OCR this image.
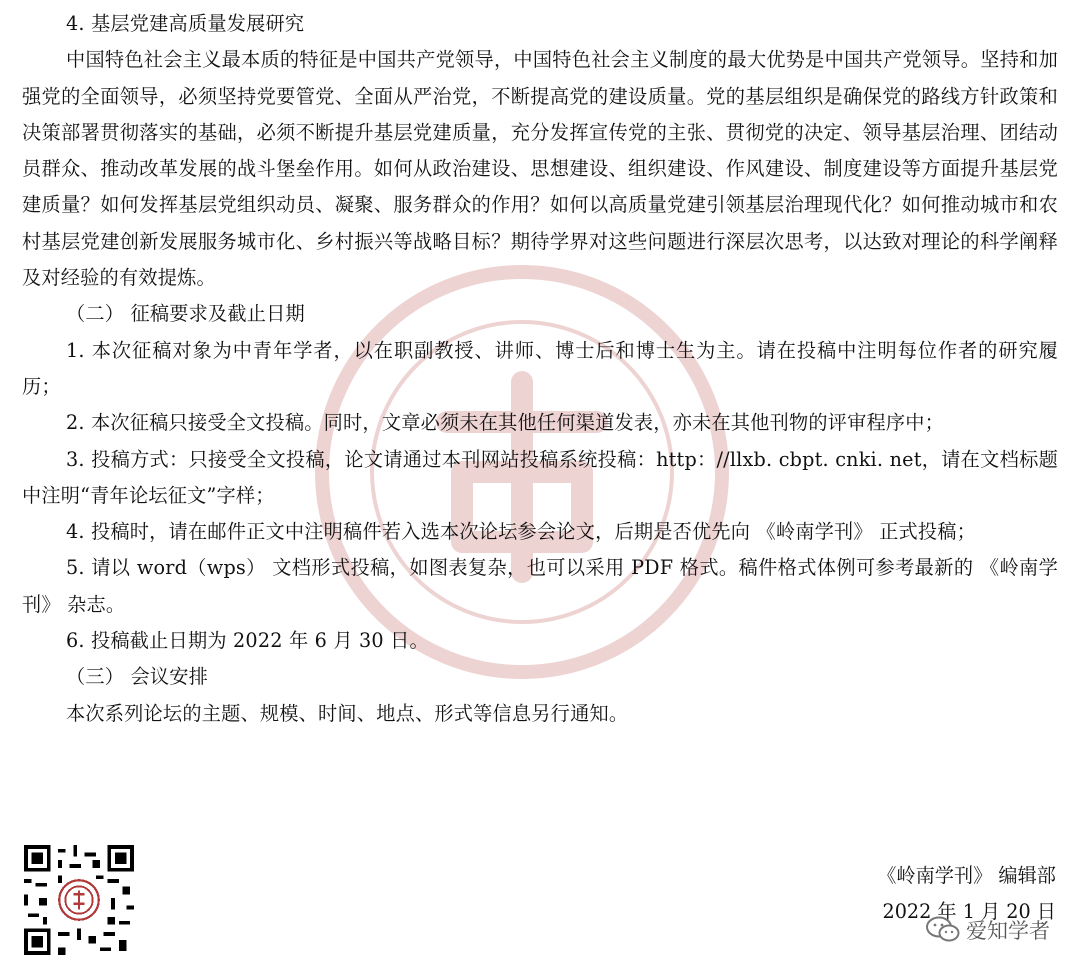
4. 基层党建高质量发展研究

中国特色社会主义最本质的特征是中国共产党领导，中国特色社会主义制度的最大优势是中国共产党领导。坚持和加强党的全面领导，必须坚持党要管党、全面从严治党，不断提高党的建设质量。党的基层组织是确保党的路线方针政策和决策部署贯彻落实的基础，必须不断提升基层党建质量，充分发挥宣传党的主张、贯彻党的决定、领导基层治理、团结动员群众、推动改革发展的战斗堡垒作用。如何从政治建设、思想建设、组织建设、作风建设、制度建设等方面提升基层党建质量？如何发挥基层党组织动员、凝聚、服务群众的作用？如何以高质量党建引领基层治理现代化？如何推动城市和农村基层党建创新发展服务城市化、乡村振兴等战略目标？期待学界对这些问题进行深层次思考，以达致对理论的科学阐释及对经验的有效提炼。

（二） 征稿要求及截止日期

1. 本次征稿对象为中青年学者，以在职副教授、讲师、博士后和博士生为主。请在投稿中注明每位作者的研究履历；

2. 本次征稿只接受全文投稿。同时，文章必须未在其他任何渠道发表，亦未在其他刊物的评审程序中；

3. 投稿方式：只接受全文投稿，论文请通过本刊网站投稿系统投稿：http：//llxb. cbpt. cnki. net，请在文档标题中注明“青年论坛征文”字样；

4. 投稿时，请在邮件正文中注明稿件若入选本次论坛参会论文，后期是否优先向 《岭南学刊》 正式投稿；

5. 请以 word（wps） 文档形式投稿，如图表复杂，也可以采用 PDF 格式。稿件格式体例可参考最新的 《岭南学刊》 杂志。

6. 投稿截止日期为 2022 年 6 月 30 日。

（三） 会议安排

本次系列论坛的主题、规模、时间、地点、形式等信息另行通知。

《岭南学刊》 编辑部
2022 年 1 月 20 日
爱知学者
